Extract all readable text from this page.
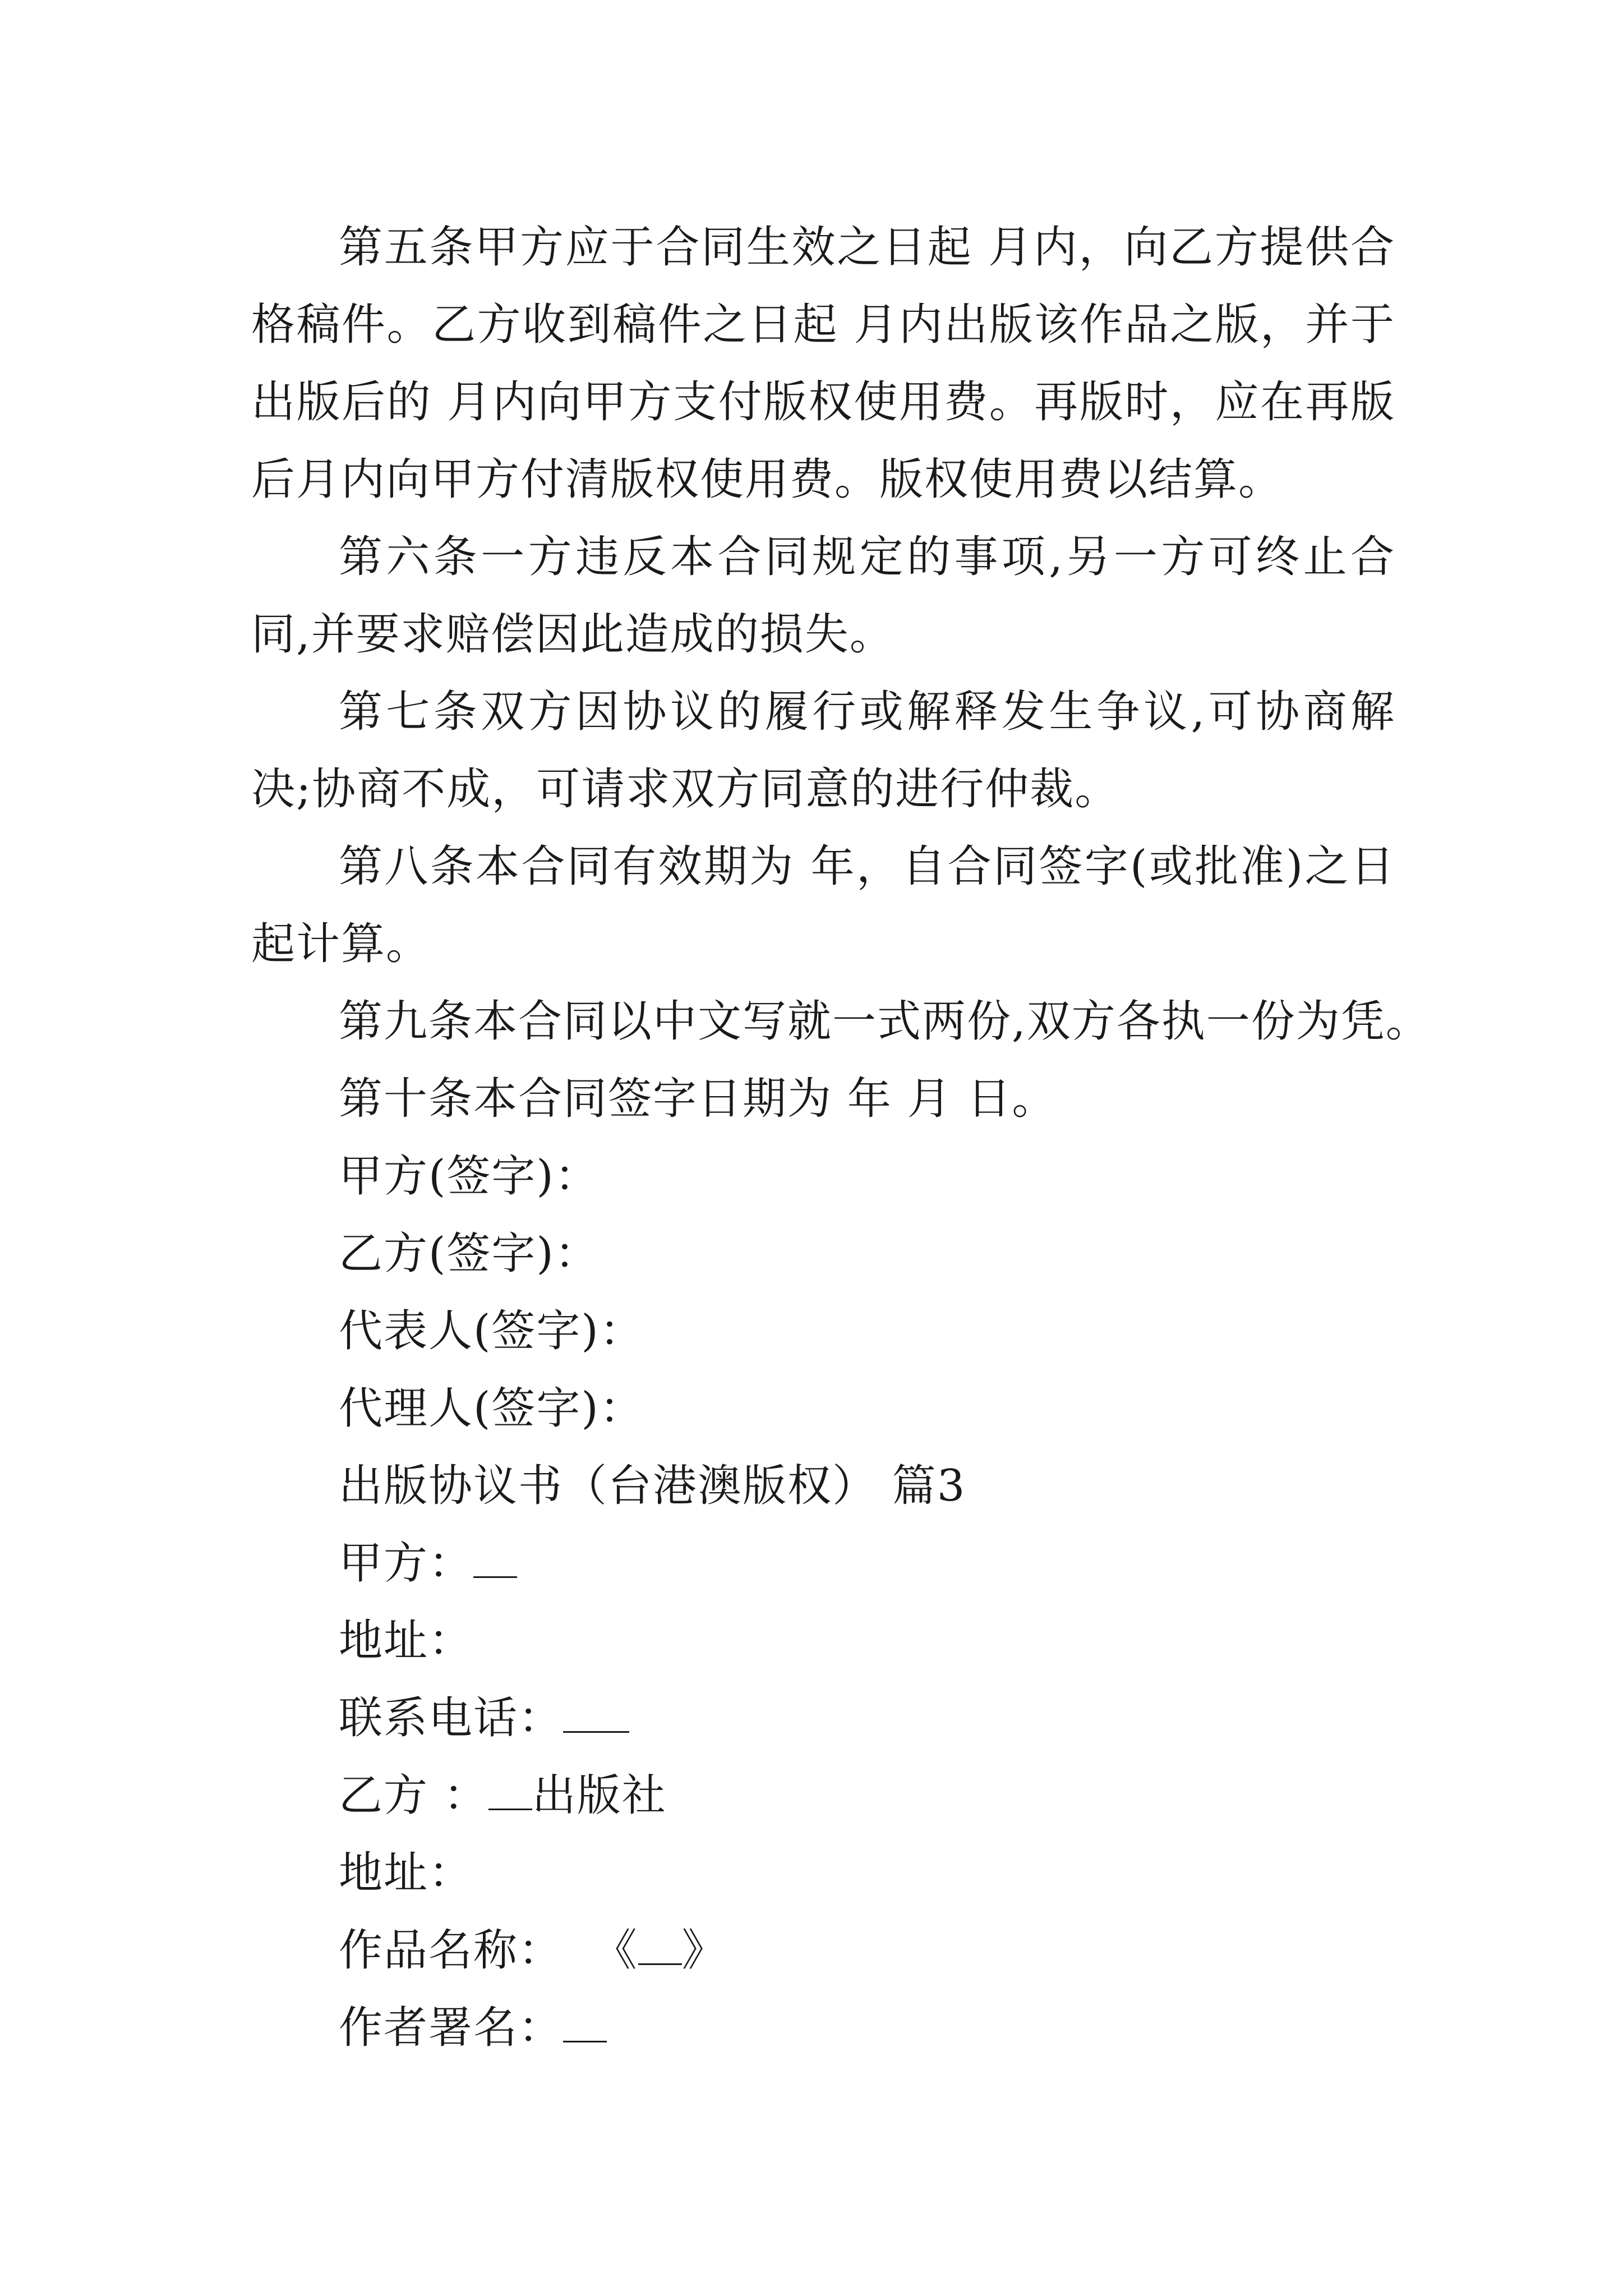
第五条甲方应于合同生效之日起 月内，向乙方提供合格稿件。乙方收到稿件之日起 月内出版该作品之版，并于出版后的 月内向甲方支付版权使用费。再版时，应在再版后月内向甲方付清版权使用费。版权使用费以结算。

第六条一方违反本合同规定的事项,另一方可终止合同,并要求赔偿因此造成的损失。

第七条双方因协议的履行或解释发生争议,可协商解决;协商不成，可请求双方同意的进行仲裁。

第八条本合同有效期为 年，自合同签字(或批准)之日起计算。

第九条本合同以中文写就一式两份,双方各执一份为凭。

第十条本合同签字日期为 年 月 日。

甲方(签字)：

乙方(签字)：

代表人(签字)：

代理人(签字)：

出版协议书（台港澳版权） 篇3

甲方：

地址：

联系电话：

乙方 ： 出版社

地址：

作品名称： 《 》

作者署名：
